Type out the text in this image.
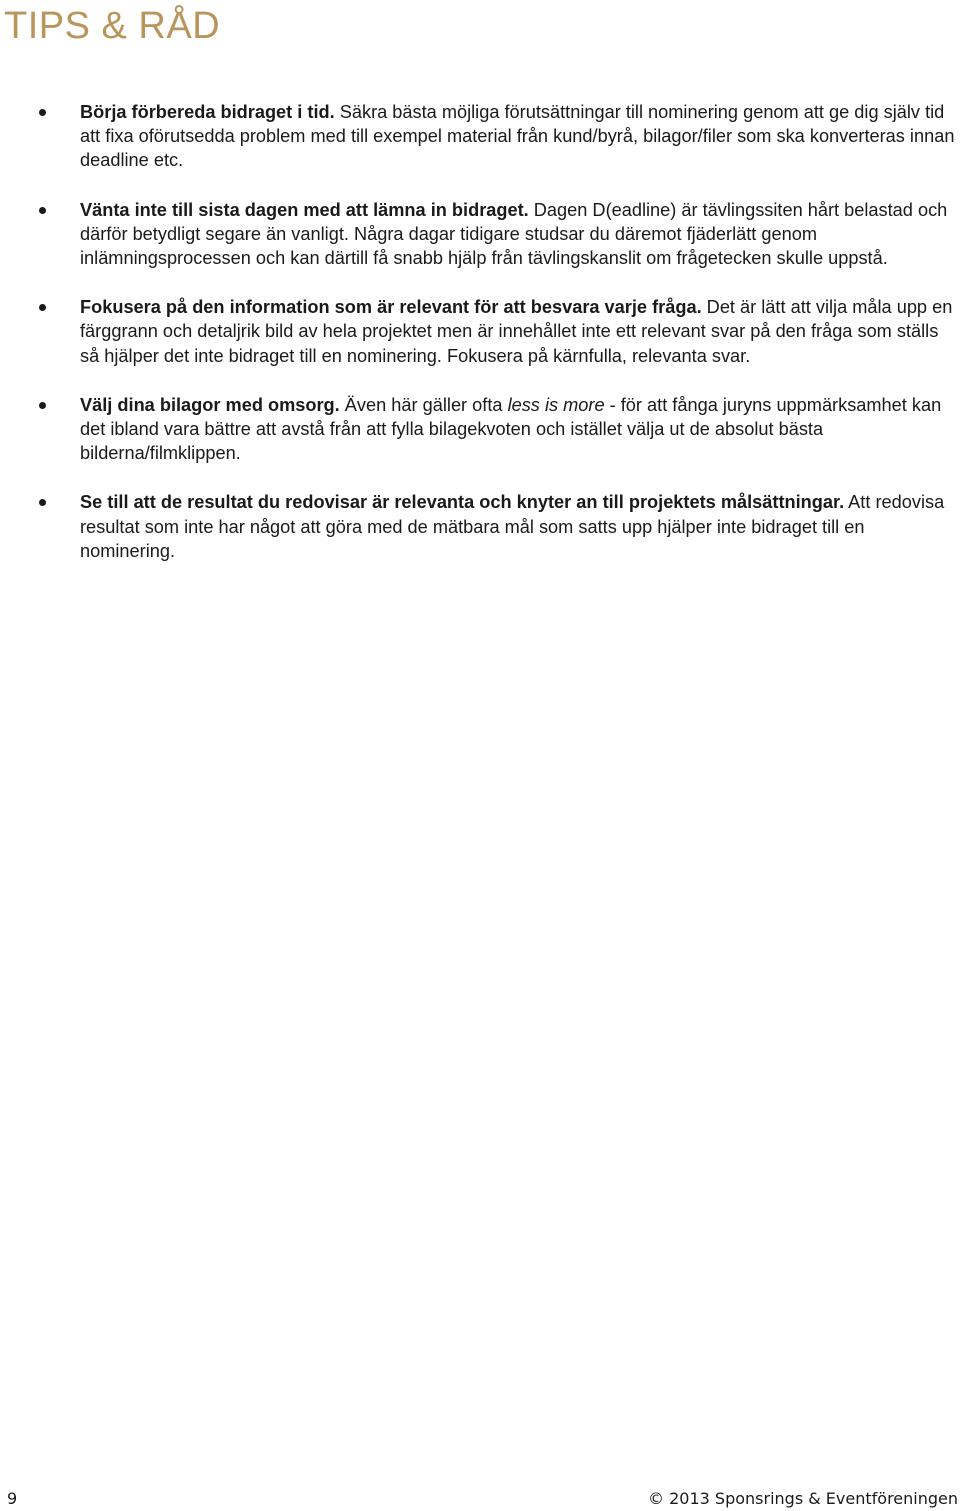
TIPS & RÅD
Börja förbereda bidraget i tid. Säkra bästa möjliga förutsättningar till nominering genom att ge dig själv tid att fixa oförutsedda problem med till exempel material från kund/byrå, bilagor/filer som ska konverteras innan deadline etc.
Vänta inte till sista dagen med att lämna in bidraget. Dagen D(eadline) är tävlingssiten hårt belastad och därför betydligt segare än vanligt. Några dagar tidigare studsar du däremot fjäderlätt genom inlämningsprocessen och kan därtill få snabb hjälp från tävlingskanslit om frågetecken skulle uppstå.
Fokusera på den information som är relevant för att besvara varje fråga. Det är lätt att vilja måla upp en färggrann och detaljrik bild av hela projektet men är innehållet inte ett relevant svar på den fråga som ställs så hjälper det inte bidraget till en nominering. Fokusera på kärnfulla, relevanta svar.
Välj dina bilagor med omsorg. Även här gäller ofta less is more - för att fånga juryns uppmärksamhet kan det ibland vara bättre att avstå från att fylla bilagekvoten och istället välja ut de absolut bästa bilderna/filmklippen.
Se till att de resultat du redovisar är relevanta och knyter an till projektets målsättningar. Att redovisa resultat som inte har något att göra med de mätbara mål som satts upp hjälper inte bidraget till en nominering.
9	© 2013 Sponsrings & Eventföreningen
